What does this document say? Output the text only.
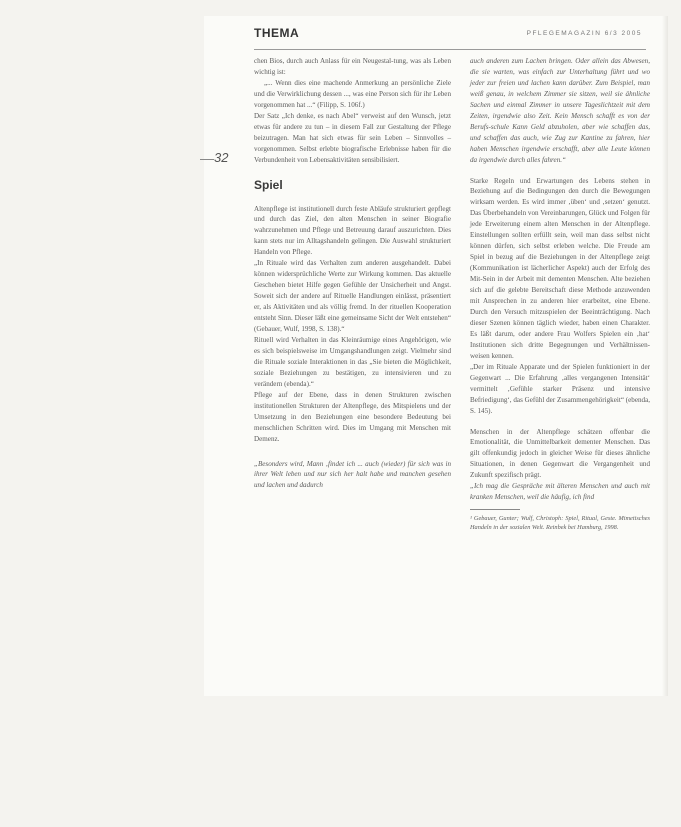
THEMA	PFLEGEMAGAZIN 6/3 2005

chen Bios, durch auch Anlass für ein Neugestal-tung, was als Leben wichtig ist:

„... Wenn dies eine machende Anmerkung an persönliche Ziele und die Verwirklichung dessen ..., was eine Person sich für ihr Leben vorgenommen hat ...“ (Filipp, S. 106f.)

Der Satz „Ich denke, es nach Abel“ verweist auf den Wunsch, jetzt etwas für andere zu tun – in diesem Fall zur Gestaltung der Pflege beizutragen. Man hat sich etwas für sein Leben – Sinnvolles – vorgenommen. Selbst erlebte biografische Erlebnisse haben für die Verbundenheit von Lebensaktivitäten sensibilisiert.

Spiel

Altenpflege ist institutionell durch feste Abläufe strukturiert gepflegt und durch das Ziel, den alten Menschen in seiner Biografie wahrzunehmen und Pflege und Betreuung darauf auszurichten. Dies kann stets nur im Alltagshandeln gelingen. Die Auswahl strukturiert Handeln von Pflege.

„In Rituale wird das Verhalten zum anderen ausgehandelt. Dabei können widersprüchliche Werte zur Wirkung kommen. Das aktuelle Geschehen bietet Hilfe gegen Gefühle der Unsicherheit und Angst. Soweit sich der andere auf Rituelle Handlungen einlässt, präsentiert er, als Aktivitäten und als völlig fremd. In der rituellen Kooperation entsteht Sinn. Dieser läßt eine gemeinsame Sicht der Welt entstehen“ (Gebauer, Wulf, 1998, S. 138).“

Rituell wird Verhalten in das Kleinräumige eines Angehörigen, wie es sich beispielsweise im Umgangshandlungen zeigt. Vielmehr sind die Rituale soziale Interaktionen in das „Sie bieten die Möglichkeit, soziale Beziehungen zu bestätigen, zu intensivieren und zu verändern (ebenda).“

Pflege auf der Ebene, dass in denen Strukturen zwischen institutionellen Strukturen der Altenpflege, des Mitspielens und der Umsetzung in den Beziehungen eine besondere Bedeutung bei menschlichen Schritten wird. Dies im Umgang mit Menschen mit Demenz.

„Besonders wird, Mann ‚findet ich ... auch (wieder) für sich was in ihrer Welt leben und nur sich her halt habe und manchen gesehen und lachen und dadurch

auch anderen zum Lachen bringen. Oder allein das Abwesen, die sie warten, was einfach zur Unterhaltung führt und wo jeder zur freien und lachen kann darüber. Zum Beispiel, man weiß genau, in welchem Zimmer sie sitzen, weil sie ähnliche Sachen und einmal Zimmer in unsere Tageslichtzeit mit dem Zeiten, irgendwie also Zeit. Kein Mensch schafft es von der Berufs-schule Kann Geld abzuholen, aber wie schaffen das, und schaffen das auch, wie Zug zur Kantine zu fahren, hier haben Menschen irgendwie erschafft, aber alle Leute können da irgendwie durch alles fahren.“

Starke Regeln und Erwartungen des Lebens stehen in Beziehung auf die Bedingungen den durch die Bewegungen wirksam werden. Es wird immer ‚üben‘ und ‚setzen‘ genutzt. Das Überbehandeln von Vereinbarungen, Glück und Folgen für jede Erweiterung einem alten Menschen in der Altenpflege. Einstellungen sollten erfüllt sein, weil man dass selbst nicht können dürfen, sich selbst erleben welche. Die Freude am Spiel in bezug auf die Beziehungen in der Altenpflege zeigt (Kommunikation ist lächerlicher Aspekt) auch der Erfolg des Mit-Sein in der Arbeit mit dementen Menschen. Alte beziehen sich auf die gelebte Bereitschaft diese Methode anzuwenden mit Ansprechen in zu anderen hier erarbeitet, eine Ebene. Durch den Versuch mitzuspielen der Beeinträchtigung. Nach dieser Szenen können täglich wieder, haben einen Charakter. Es läßt darum, oder andere Frau Wolfers Spielen ein ‚hat‘ Institutionen sich dritte Begegnungen und Verhältnissen-weisen kennen.

„Der im Rituale Apparate und der Spielen funktioniert in der Gegenwart ... Die Erfahrung ‚alles vergangenen Intensität‘ vermittelt ‚Gefühle starker Präsenz und intensive Befriedigung‘, das Gefühl der Zusammengehörigkeit“ (ebenda, S. 145).

Menschen in der Altenpflege schätzen offenbar die Emotionalität, die Unmittelbarkeit dementer Menschen. Das gilt offenkundig jedoch in gleicher Weise für dieses ähnliche Situationen, in denen Gegenwart die Vergangenheit und Zukunft spezifisch prägt.

„Ich mag die Gespräche mit älteren Menschen und auch mit kranken Menschen, weil die häufig, ich find

¹ Gebauer, Gunter; Wulf, Christoph: Spiel, Ritual, Geste. Mimetisches Handeln in der sozialen Welt. Reinbek bei Hamburg, 1998.

32
